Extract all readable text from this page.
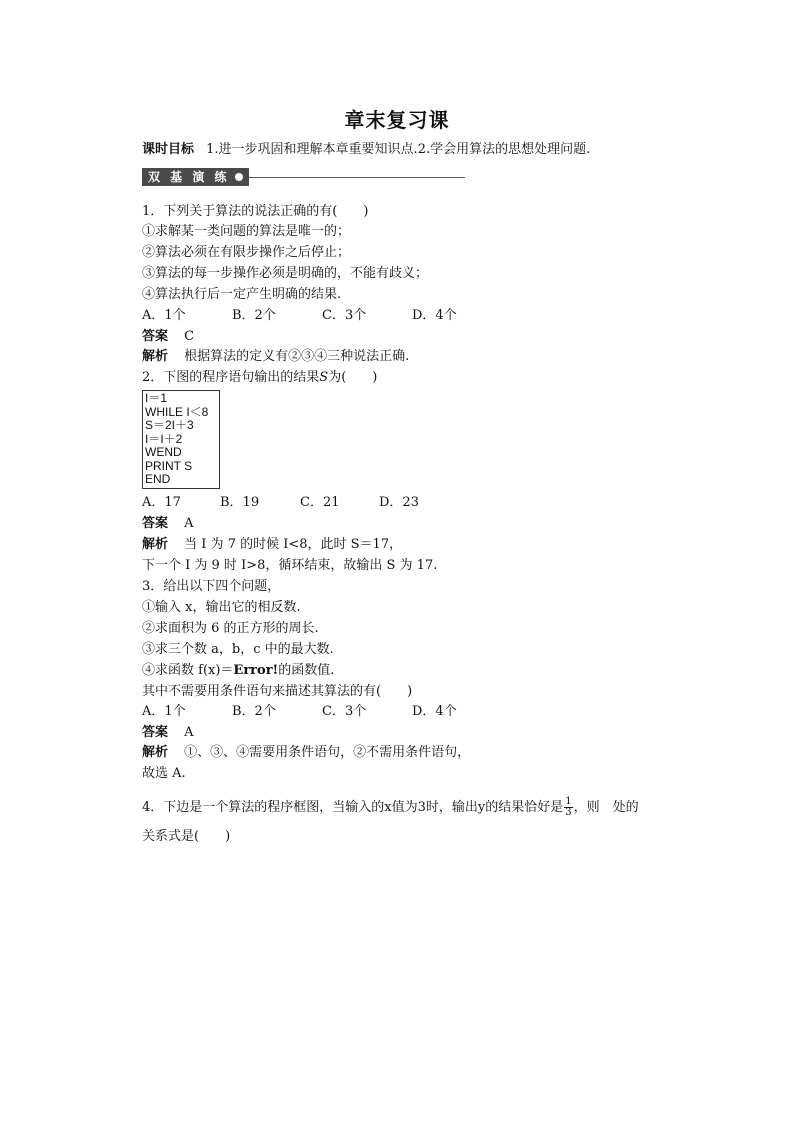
章末复习课
课时目标 1.进一步巩固和理解本章重要知识点.2.学会用算法的思想处理问题.
双 基 演 练
1．下列关于算法的说法正确的有(　　)
①求解某一类问题的算法是唯一的；
②算法必须在有限步操作之后停止；
③算法的每一步操作必须是明确的，不能有歧义；
④算法执行后一定产生明确的结果.
A．1个	B．2个	C．3个	D．4个
答案 C
解析 根据算法的定义有②③④三种说法正确.
2．下图的程序语句输出的结果S为(　　)
I＝1
WHILE I＜8
S＝2I＋3
I＝I＋2
WEND
PRINT S
END
A．17	B．19	C．21	D．23
答案 A
解析 当 I 为 7 的时候 I<8，此时 S＝17，
下一个 I 为 9 时 I>8，循环结束，故输出 S 为 17.
3．给出以下四个问题，
①输入 x，输出它的相反数.
②求面积为 6 的正方形的周长.
③求三个数 a，b，c 中的最大数.
④求函数 f(x)＝Error!的函数值.
其中不需要用条件语句来描述其算法的有(　　)
A．1个	B．2个	C．3个	D．4个
答案 A
解析 ①、③、④需要用条件语句，②不需用条件语句，
故选 A.

4．下边是一个算法的程序框图，当输入的x值为3时，输出y的结果恰好是 $\frac{1}{3}$ ，则　处的
关系式是(　　)
